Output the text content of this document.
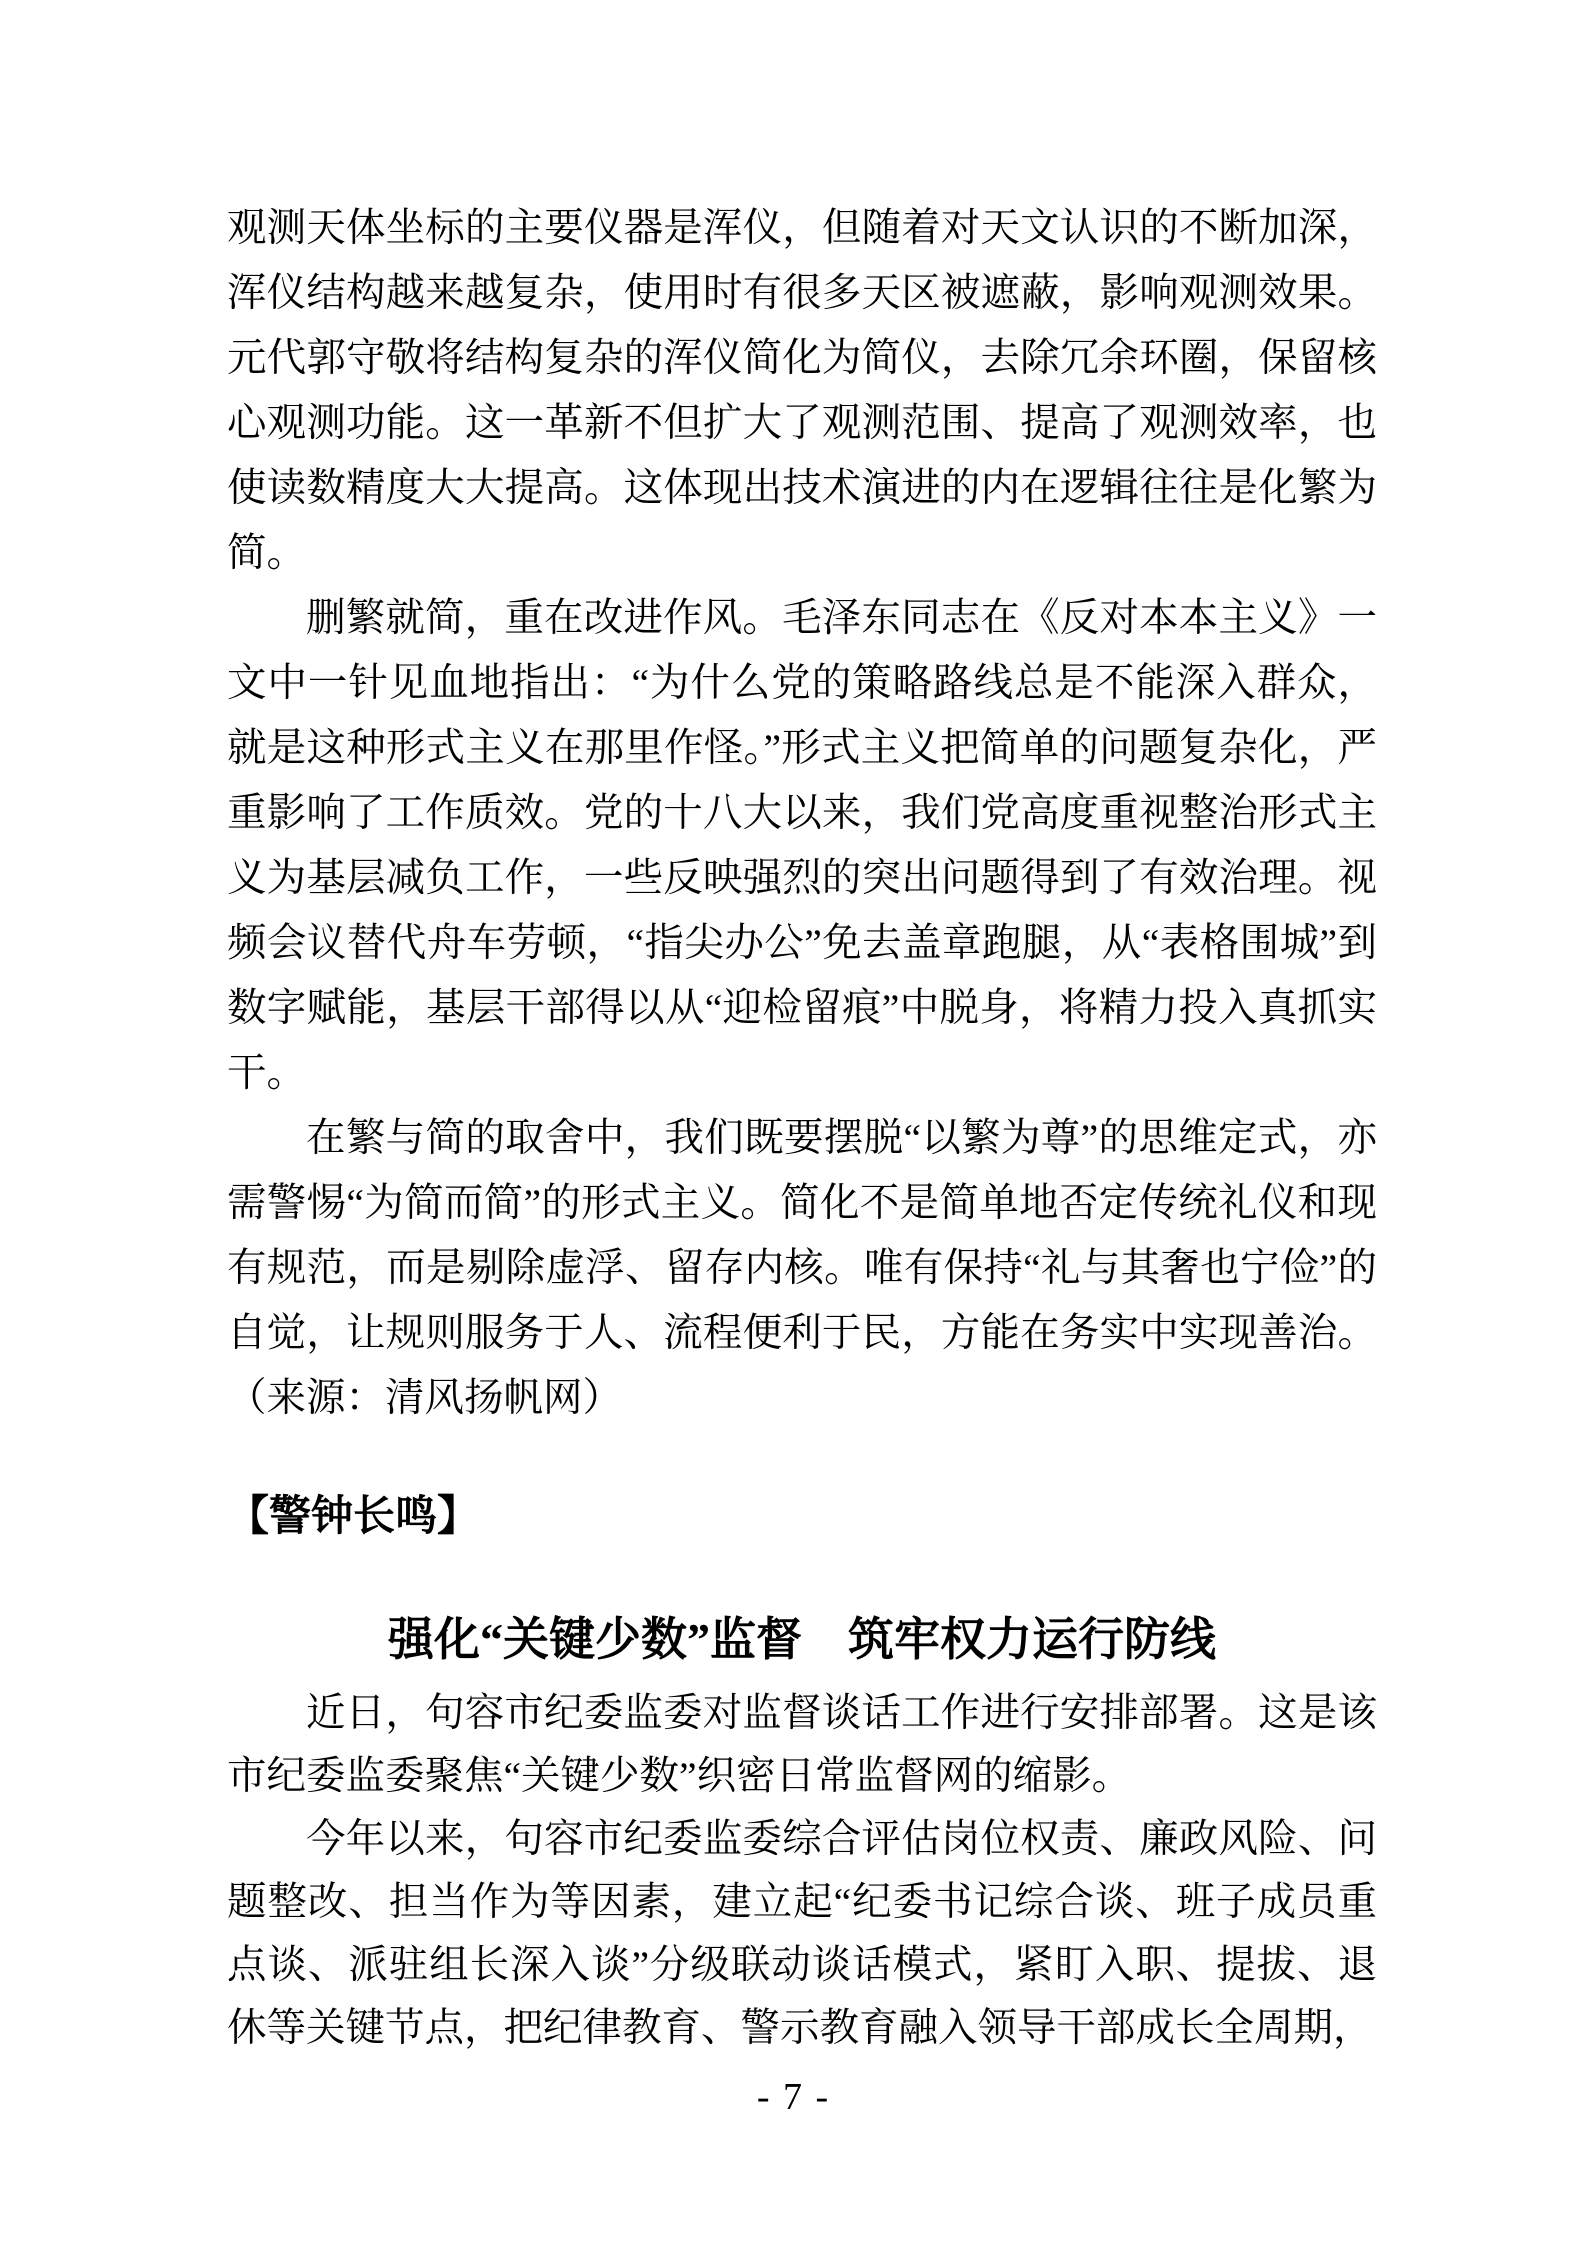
观测天体坐标的主要仪器是浑仪，但随着对天文认识的不断加深，浑仪结构越来越复杂，使用时有很多天区被遮蔽，影响观测效果。元代郭守敬将结构复杂的浑仪简化为简仪，去除冗余环圈，保留核心观测功能。这一革新不但扩大了观测范围、提高了观测效率，也使读数精度大大提高。这体现出技术演进的内在逻辑往往是化繁为简。

删繁就简，重在改进作风。毛泽东同志在《反对本本主义》一文中一针见血地指出：“为什么党的策略路线总是不能深入群众，就是这种形式主义在那里作怪。”形式主义把简单的问题复杂化，严重影响了工作质效。党的十八大以来，我们党高度重视整治形式主义为基层减负工作，一些反映强烈的突出问题得到了有效治理。视频会议替代舟车劳顿，“指尖办公”免去盖章跑腿，从“表格围城”到数字赋能，基层干部得以从“迎检留痕”中脱身，将精力投入真抓实干。

在繁与简的取舍中，我们既要摆脱“以繁为尊”的思维定式，亦需警惕“为简而简”的形式主义。简化不是简单地否定传统礼仪和现有规范，而是剔除虚浮、留存内核。唯有保持“礼与其奢也宁俭”的自觉，让规则服务于人、流程便利于民，方能在务实中实现善治。（来源：清风扬帆网）

【警钟长鸣】
强化“关键少数”监督　筑牢权力运行防线

近日，句容市纪委监委对监督谈话工作进行安排部署。这是该市纪委监委聚焦“关键少数”织密日常监督网的缩影。

今年以来，句容市纪委监委综合评估岗位权责、廉政风险、问题整改、担当作为等因素，建立起“纪委书记综合谈、班子成员重点谈、派驻组长深入谈”分级联动谈话模式，紧盯入职、提拔、退休等关键节点，把纪律教育、警示教育融入领导干部成长全周期，

- 7 -
